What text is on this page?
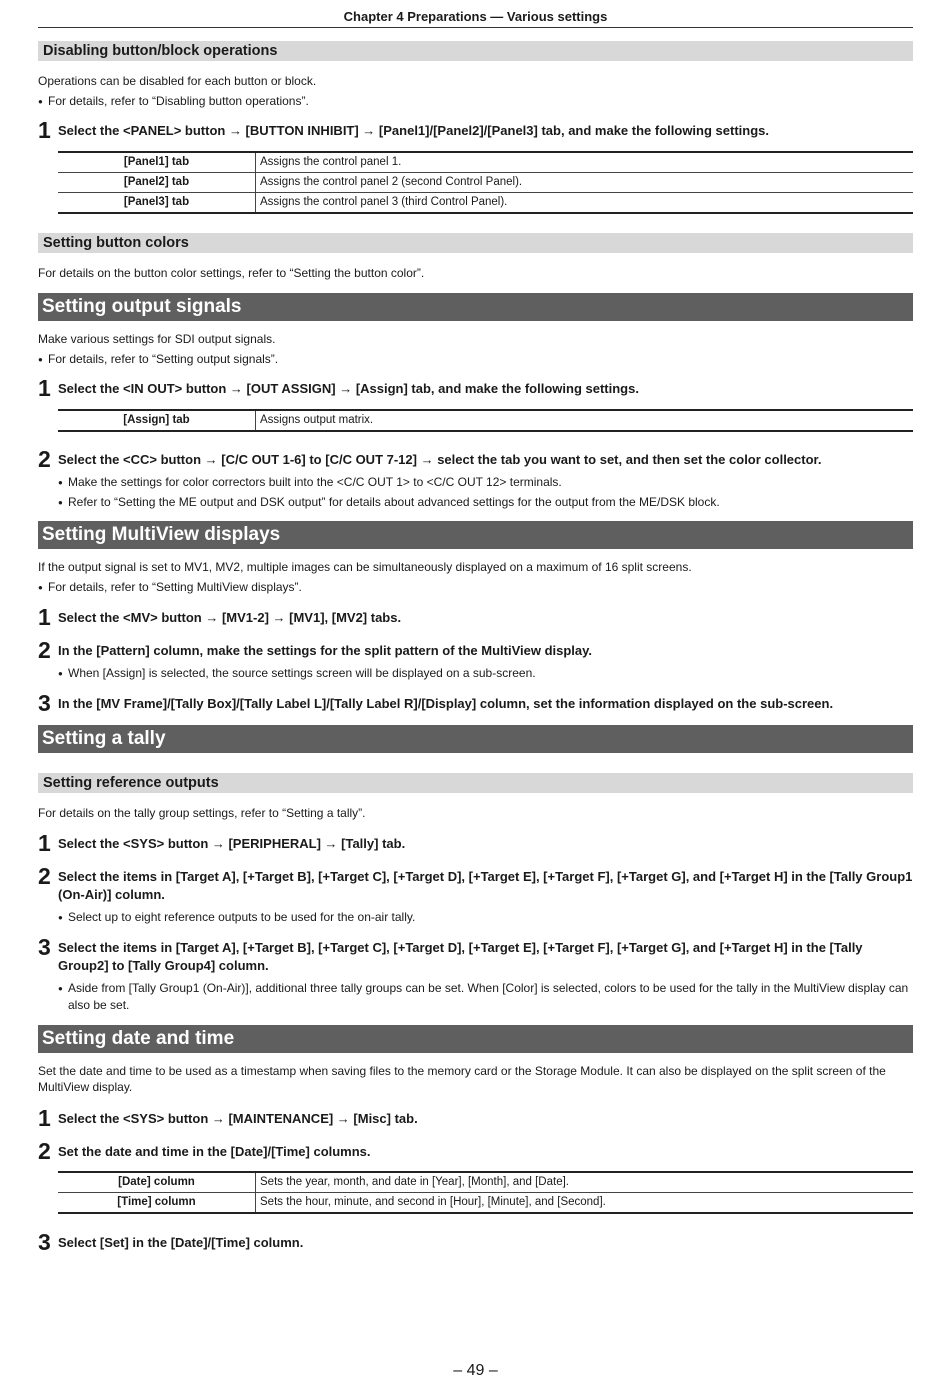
Chapter 4 Preparations — Various settings
Disabling button/block operations
Operations can be disabled for each button or block.
● For details, refer to “Disabling button operations”.
1 Select the <PANEL> button → [BUTTON INHIBIT] → [Panel1]/[Panel2]/[Panel3] tab, and make the following settings.
[Panel1] tab	Assigns the control panel 1.
[Panel2] tab	Assigns the control panel 2 (second Control Panel).
[Panel3] tab	Assigns the control panel 3 (third Control Panel).
Setting button colors
For details on the button color settings, refer to “Setting the button color”.
Setting output signals
Make various settings for SDI output signals.
● For details, refer to “Setting output signals”.
1 Select the <IN OUT> button → [OUT ASSIGN] → [Assign] tab, and make the following settings.
[Assign] tab	Assigns output matrix.
2 Select the <CC> button → [C/C OUT 1-6] to [C/C OUT 7-12] → select the tab you want to set, and then set the color collector.
● Make the settings for color correctors built into the <C/C OUT 1> to <C/C OUT 12> terminals.
● Refer to “Setting the ME output and DSK output” for details about advanced settings for the output from the ME/DSK block.
Setting MultiView displays
If the output signal is set to MV1, MV2, multiple images can be simultaneously displayed on a maximum of 16 split screens.
● For details, refer to “Setting MultiView displays”.
1 Select the <MV> button → [MV1-2] → [MV1], [MV2] tabs.
2 In the [Pattern] column, make the settings for the split pattern of the MultiView display.
● When [Assign] is selected, the source settings screen will be displayed on a sub-screen.
3 In the [MV Frame]/[Tally Box]/[Tally Label L]/[Tally Label R]/[Display] column, set the information displayed on the sub-screen.
Setting a tally
Setting reference outputs
For details on the tally group settings, refer to “Setting a tally”.
1 Select the <SYS> button → [PERIPHERAL] → [Tally] tab.
2 Select the items in [Target A], [+Target B], [+Target C], [+Target D], [+Target E], [+Target F], [+Target G], and [+Target H] in the [Tally Group1 (On-Air)] column.
● Select up to eight reference outputs to be used for the on-air tally.
3 Select the items in [Target A], [+Target B], [+Target C], [+Target D], [+Target E], [+Target F], [+Target G], and [+Target H] in the [Tally Group2] to [Tally Group4] column.
● Aside from [Tally Group1 (On-Air)], additional three tally groups can be set. When [Color] is selected, colors to be used for the tally in the MultiView display can also be set.
Setting date and time
Set the date and time to be used as a timestamp when saving files to the memory card or the Storage Module. It can also be displayed on the split screen of the MultiView display.
1 Select the <SYS> button → [MAINTENANCE] → [Misc] tab.
2 Set the date and time in the [Date]/[Time] columns.
[Date] column	Sets the year, month, and date in [Year], [Month], and [Date].
[Time] column	Sets the hour, minute, and second in [Hour], [Minute], and [Second].
3 Select [Set] in the [Date]/[Time] column.
– 49 –
